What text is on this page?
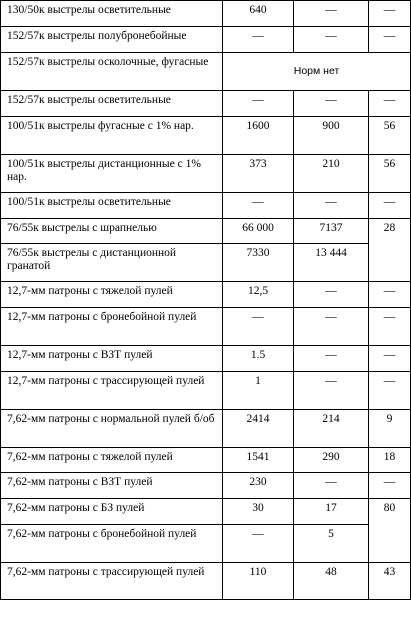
130/50к выстрелы осветительные	640	—	—
152/57к выстрелы полубронебойные	—	—	—
152/57к выстрелы осколочные, фугасные	Норм нет		
152/57к выстрелы осветительные	—	—	—
100/51к выстрелы фугасные с 1% нар.	1600	900	56
100/51к выстрелы дистанционные с 1% нар.	373	210	56
100/51к выстрелы осветительные	—	—	—
76/55к выстрелы с шрапнелью	66 000	7137	28
76/55к выстрелы с дистанционной гранатой	7330	13 444	
12,7-мм патроны с тяжелой пулей	12,5	—	—
12,7-мм патроны с бронебойной пулей	—	—	—
12,7-мм патроны с ВЗТ пулей	1.5	—	—
12,7-мм патроны с трассирующей пулей	1	—	—
7,62-мм патроны с нормальной пулей б/об	2414	214	9
7,62-мм патроны с тяжелой пулей	1541	290	18
7,62-мм патроны с ВЗТ пулей	230	—	—
7,62-мм патроны с БЗ пулей	30	17	80
7,62-мм патроны с бронебойной пулей	—	5	
7,62-мм патроны с трассирующей пулей	110	48	43
